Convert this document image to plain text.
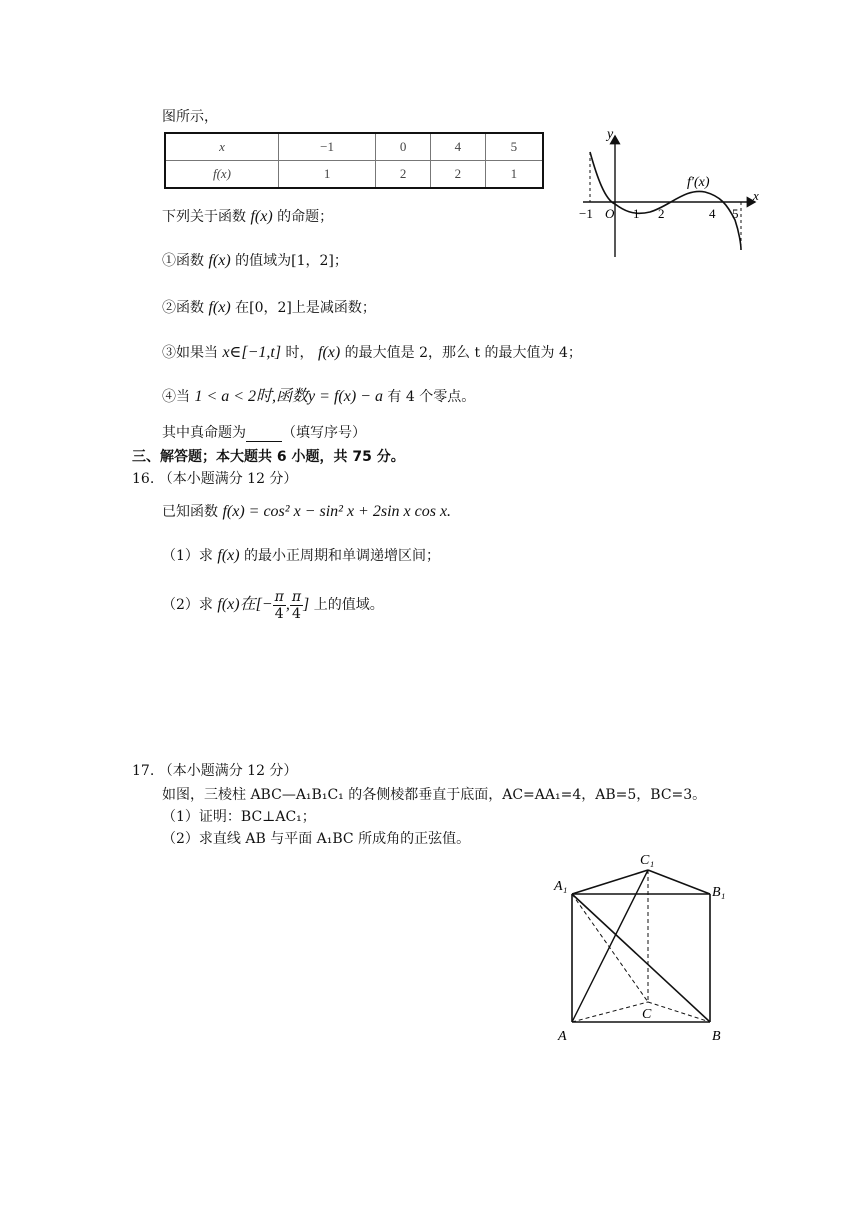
图所示，
x	−1	0	4	5
f(x)	1	2	2	1
y
x
f′(x)
−1 O 1 2	4 5
下列关于函数 f(x) 的命题；
①函数 f(x) 的值域为[1，2]；
②函数 f(x) 在[0，2]上是减函数；
③如果当 x∈[−1,t] 时， f(x) 的最大值是 2，那么 t 的最大值为 4；
④当 1 < a < 2时,函数y = f(x) − a 有 4 个零点。
其中真命题为	（填写序号）
三、解答题；本大题共 6 小题，共 75 分。
16. （本小题满分 12 分）
已知函数 f(x) = cos² x − sin² x + 2sin x cos x.
（1）求 f(x) 的最小正周期和单调递增区间；
（2）求 f(x)在[− $\frac{\pi}{4}$ , $\frac{\pi}{4}$ ] 上的值域。
17. （本小题满分 12 分）
如图，三棱柱 ABC—A₁B₁C₁ 的各侧棱都垂直于底面，AC=AA₁=4，AB=5，BC=3。
（1）证明：BC⊥AC₁；
（2）求直线 AB 与平面 A₁BC 所成角的正弦值。
C₁
A₁	B₁
A
C
B
